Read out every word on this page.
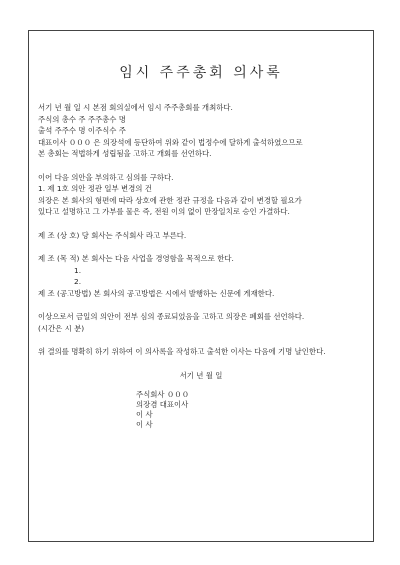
임시 주주총회 의사록
서기 년 월 일 시 본점 회의실에서 임시 주주총회를 개최하다.
주식의 총수 주 주주총수 명
출석 주주수 명 이주식수 주
대표이사 ０００ 은 의장석에 등단하여 위와 같이 법정수에 달하게 출석하였으므로
본 총회는 적법하게 성립됨을 고하고 개회를 선언하다.
이어 다음 의안을 부의하고 심의를 구하다.
1. 제 1호 의안 정관 일부 변경의 건
의장은 본 회사의 형편에 따라 상호에 관한 정관 규정을 다음과 같이 변경할 필요가
있다고 설명하고 그 가부를 물은 즉, 전원 이의 없이 만장일치로 승인 가결하다.
제 조 (상 호) 당 회사는 주식회사 라고 부른다.
제 조 (목 적) 본 회사는 다음 사업을 경영함을 목적으로 한다.
1.
2.
제 조 (공고방법) 본 회사의 공고방법은 시에서 발행하는 신문에 게재한다.
이상으로서 금일의 의안이 전부 심의 종료되었음을 고하고 의장은 폐회를 선언하다.
(시간은 시 분)
위 결의를 명확히 하기 위하여 이 의사록을 작성하고 출석한 이사는 다음에 기명 날인한다.
서기 년 월 일
주식회사 ０００
의장겸 대표이사
이 사
이 사
